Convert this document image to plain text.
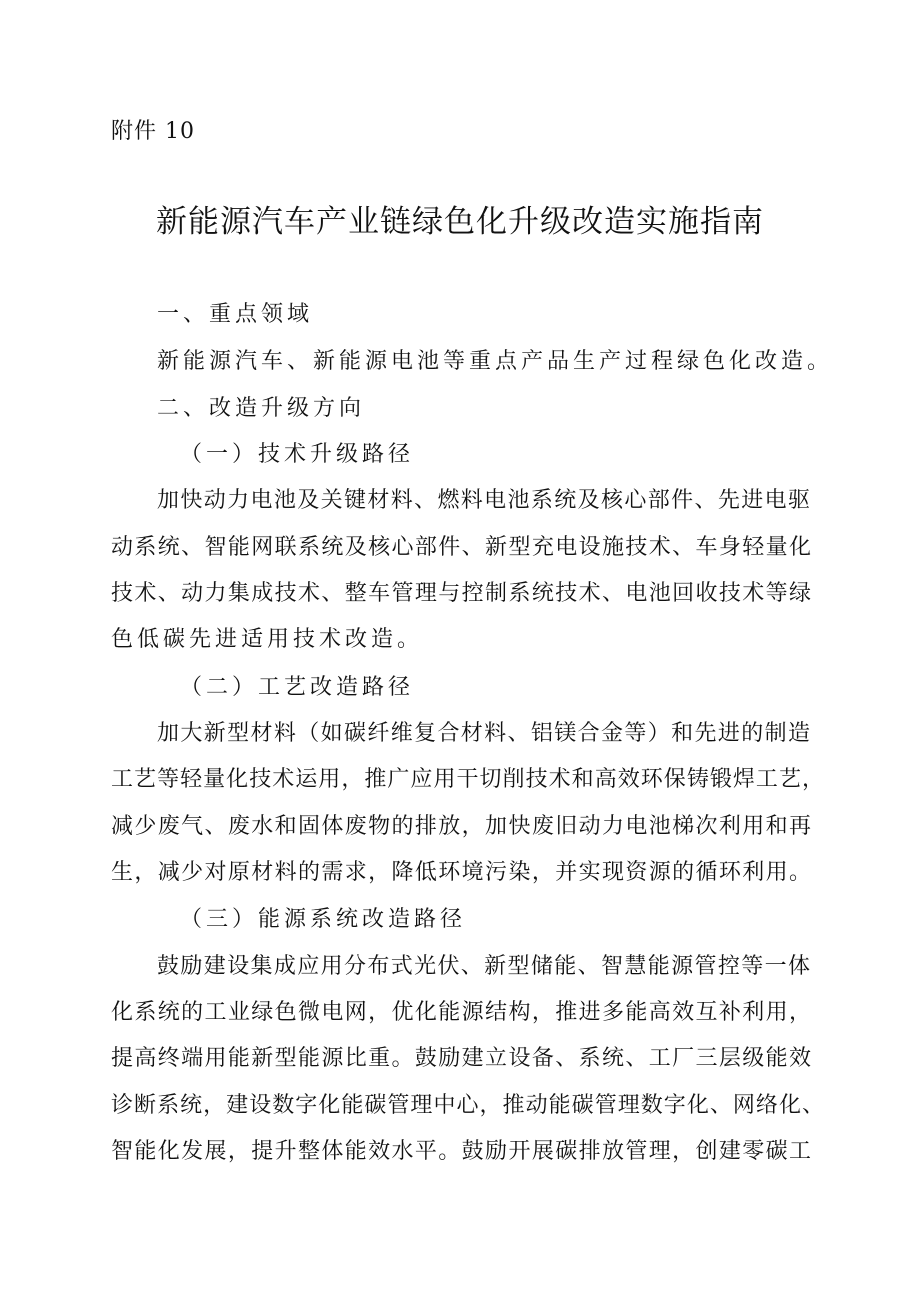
附件 10
新能源汽车产业链绿色化升级改造实施指南
一、重点领域
新能源汽车、新能源电池等重点产品生产过程绿色化改造。
二、改造升级方向
（一）技术升级路径
加快动力电池及关键材料、燃料电池系统及核心部件、先进电驱
动系统、智能网联系统及核心部件、新型充电设施技术、车身轻量化
技术、动力集成技术、整车管理与控制系统技术、电池回收技术等绿
色低碳先进适用技术改造。
（二）工艺改造路径
加大新型材料（如碳纤维复合材料、铝镁合金等）和先进的制造
工艺等轻量化技术运用，推广应用干切削技术和高效环保铸锻焊工艺，
减少废气、废水和固体废物的排放，加快废旧动力电池梯次利用和再
生，减少对原材料的需求，降低环境污染，并实现资源的循环利用。
（三）能源系统改造路径
鼓励建设集成应用分布式光伏、新型储能、智慧能源管控等一体
化系统的工业绿色微电网，优化能源结构，推进多能高效互补利用，
提高终端用能新型能源比重。鼓励建立设备、系统、工厂三层级能效
诊断系统，建设数字化能碳管理中心，推动能碳管理数字化、网络化、
智能化发展，提升整体能效水平。鼓励开展碳排放管理，创建零碳工
